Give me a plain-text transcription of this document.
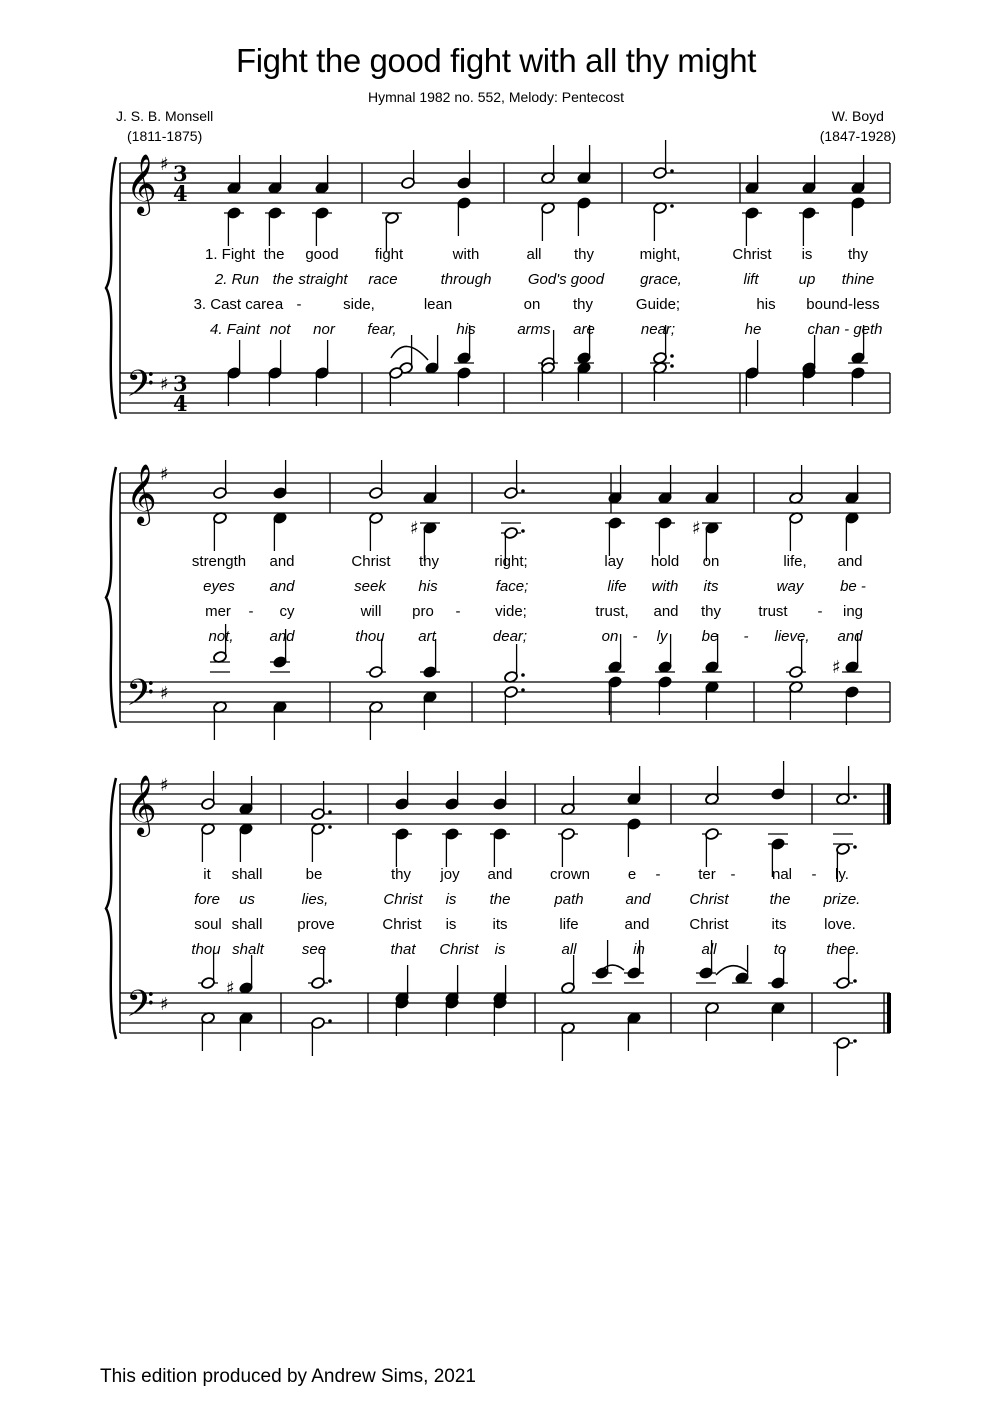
Fight the good fight with all thy might
Hymnal 1982 no. 552, Melody: Pentecost
J. S. B. Monsell
(1811-1875)
W. Boyd
(1847-1928)
𝄞
𝄢
♯
♯
3
3
4
4
𝄞
𝄢
♯
♯
♯	♯
♯
𝄞
𝄢
♯
♯
♯
1. Fight the good fight	with	all thy	might,	Christ is thy
2. Run the straight race	through God's good grace,	lift	up thine
3. Cast care a -	side,	lean	on thy	Guide;	his bound-less
4. Faint not nor fear,	his	arms are	near;	he	chan - geth
strength and	Christ thy	right;	lay hold on	life, and
eyes and	seek his	face;	life with its	way be -
mer - cy	will pro - vide;	trust, and thy trust - ing
not, and	thou art	dear;	on - ly be - lieve, and
it shall	be	thy joy and crown	e -	ter - nal - ly.
fore us	lies,	Christ is the	path	and	Christ	the prize.
soul shall prove	Christ is its	life	and	Christ	its	love.
thou shalt	see	that Christ is	all	in	all	to	thee.
This edition produced by Andrew Sims, 2021
